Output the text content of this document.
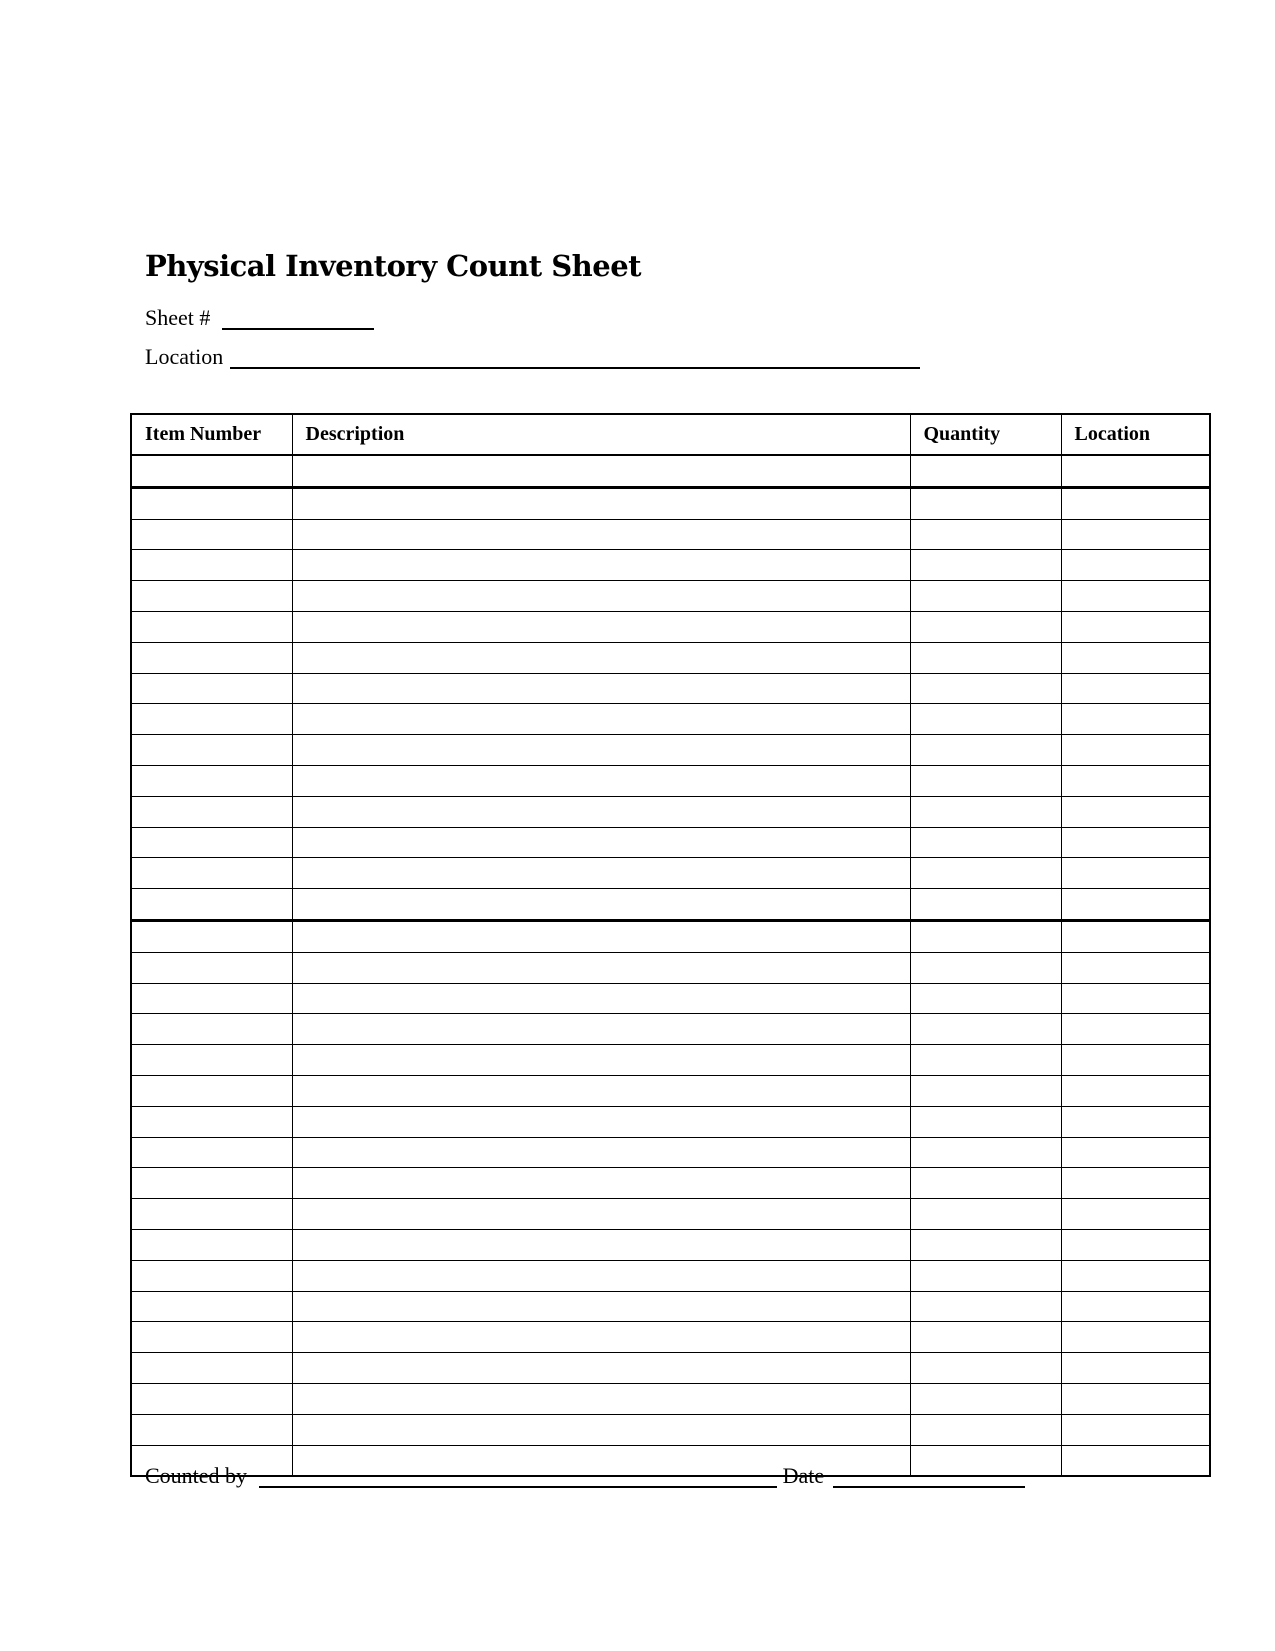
Physical Inventory Count Sheet
Sheet #
Location
Item Number	Description	Quantity	Location

Counted by	Date
